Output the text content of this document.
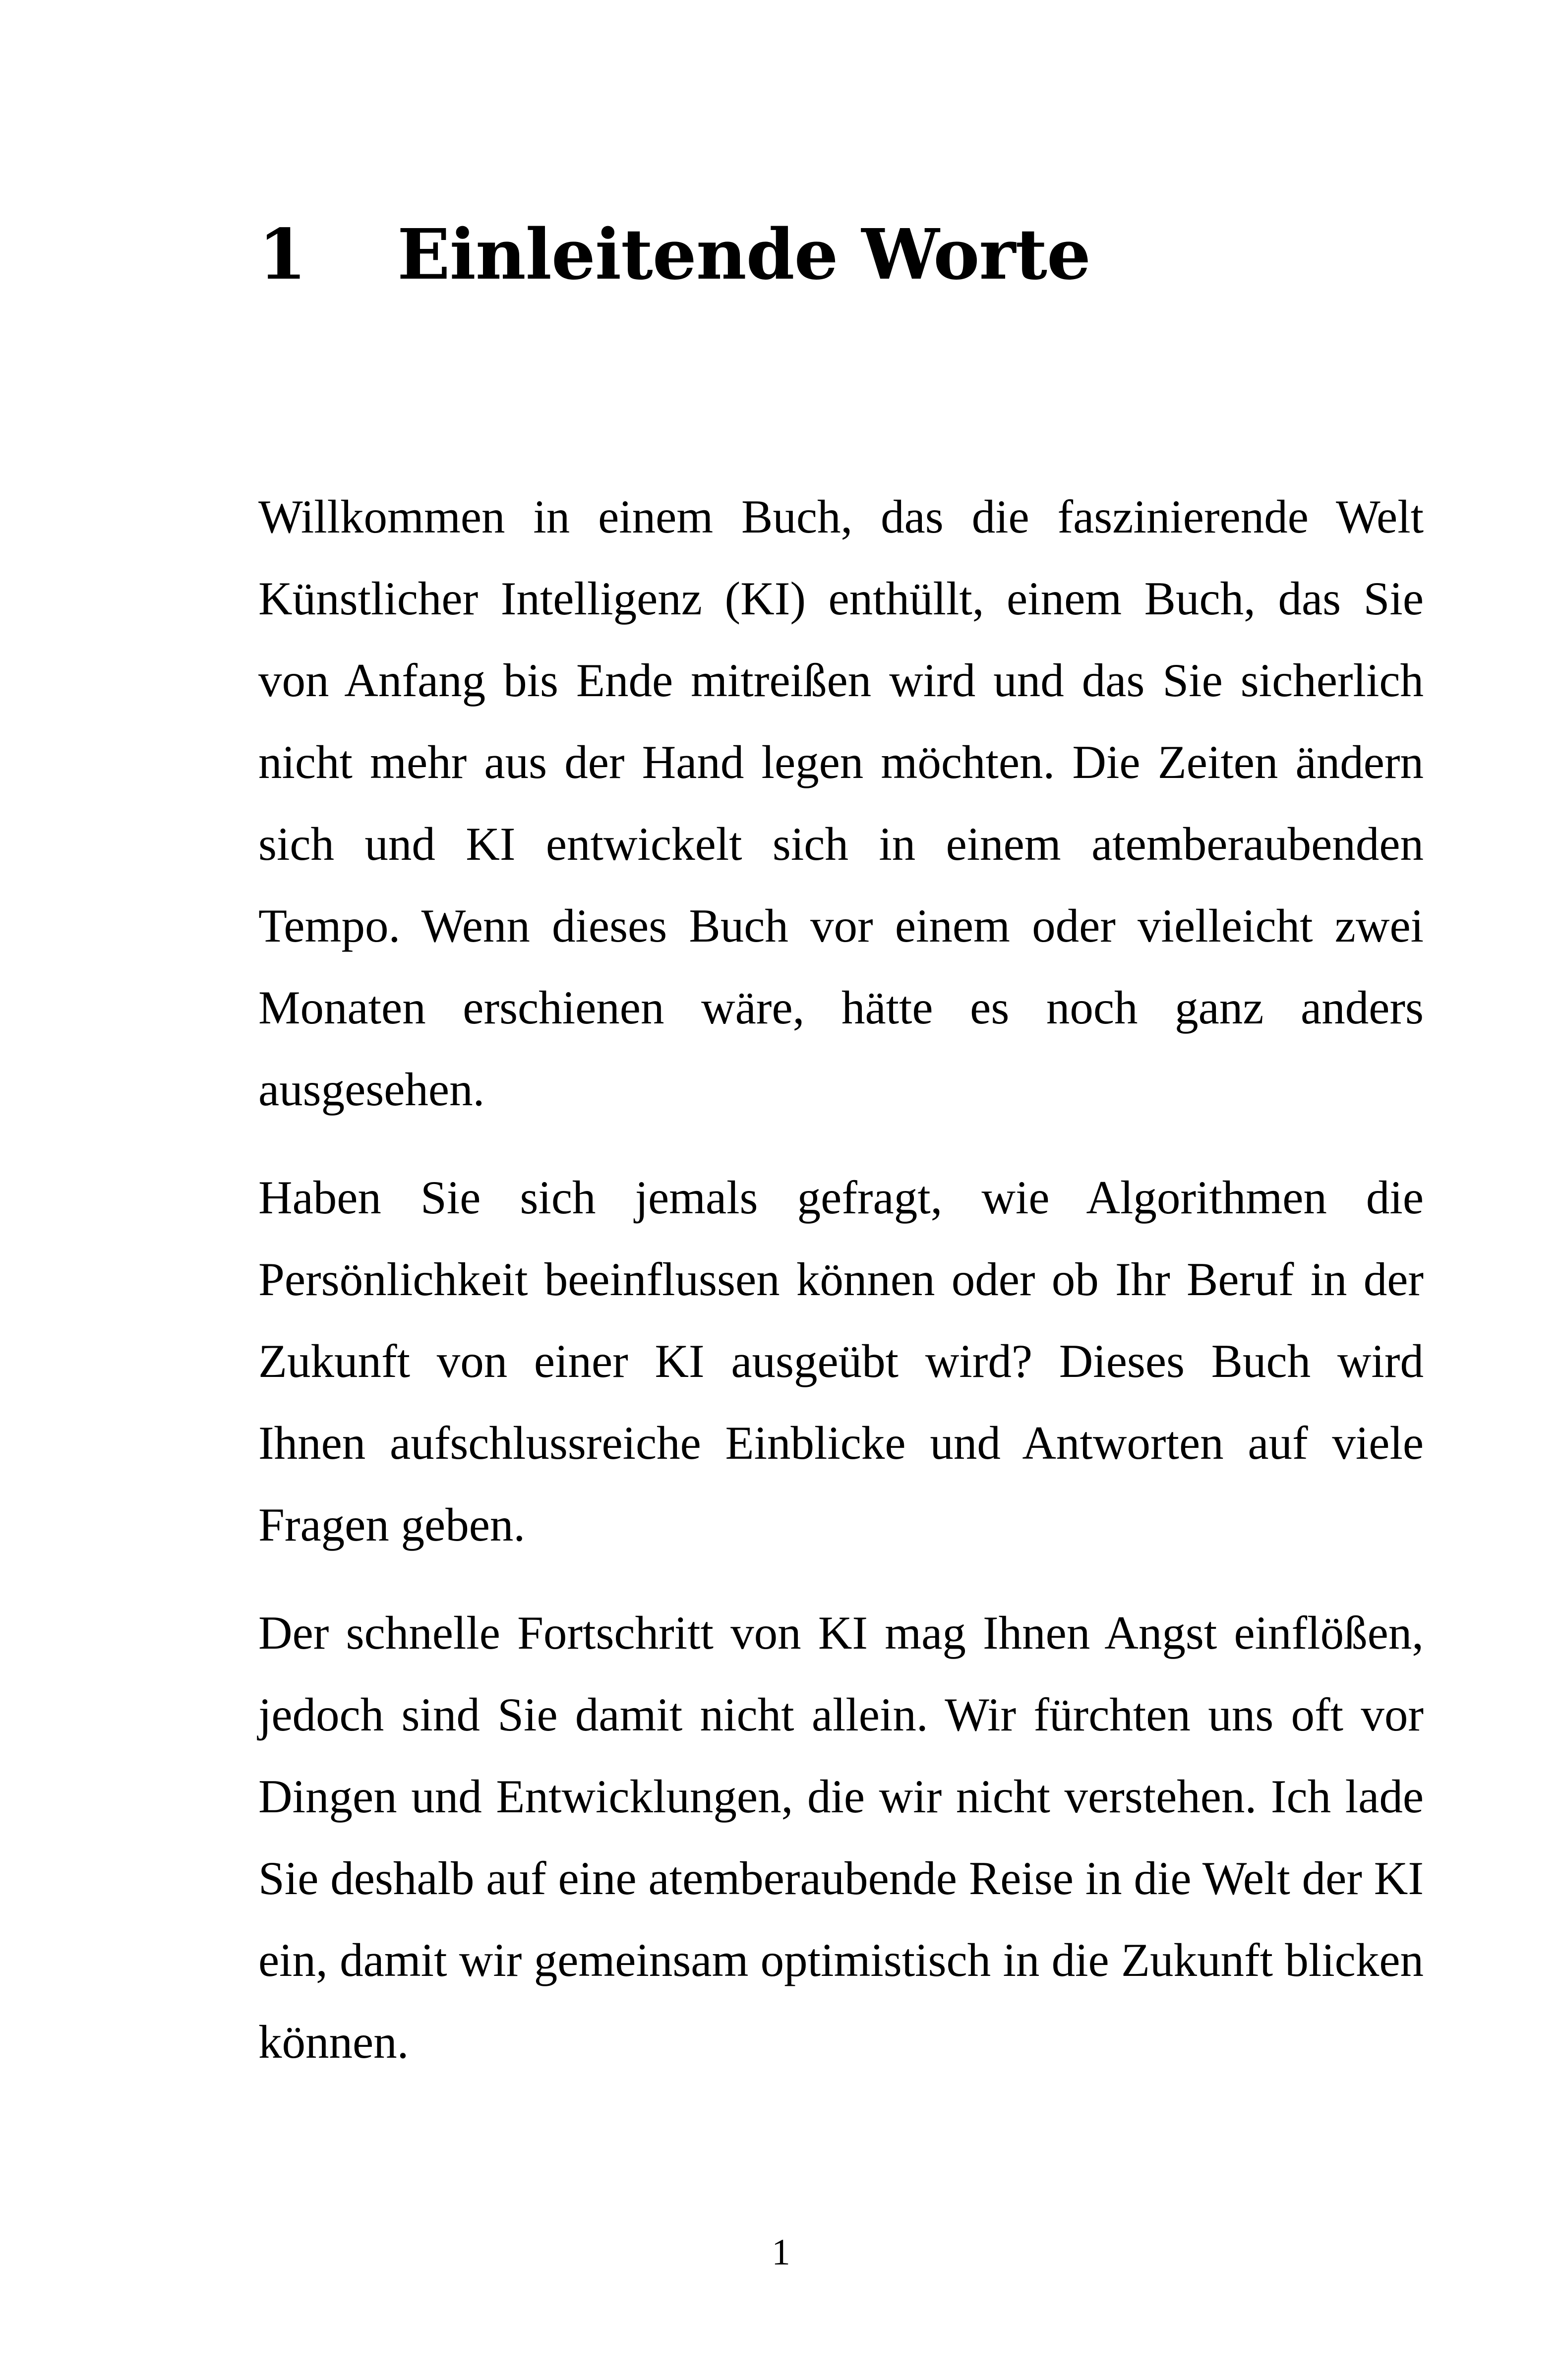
1 Einleitende Worte

Willkommen in einem Buch, das die faszinierende Welt Künstlicher Intelligenz (KI) enthüllt, einem Buch, das Sie von Anfang bis Ende mitreißen wird und das Sie sicherlich nicht mehr aus der Hand legen möchten. Die Zeiten ändern sich und KI entwickelt sich in einem atemberaubenden Tempo. Wenn dieses Buch vor einem oder vielleicht zwei Monaten erschienen wäre, hätte es noch ganz anders ausgesehen.

Haben Sie sich jemals gefragt, wie Algorithmen die Persönlichkeit beeinflussen können oder ob Ihr Beruf in der Zukunft von einer KI ausgeübt wird? Dieses Buch wird Ihnen aufschlussreiche Einblicke und Antworten auf viele Fragen geben.

Der schnelle Fortschritt von KI mag Ihnen Angst einflößen, jedoch sind Sie damit nicht allein. Wir fürchten uns oft vor Dingen und Entwicklungen, die wir nicht verstehen. Ich lade Sie deshalb auf eine atemberaubende Reise in die Welt der KI ein, damit wir gemeinsam optimistisch in die Zukunft blicken können.

1
